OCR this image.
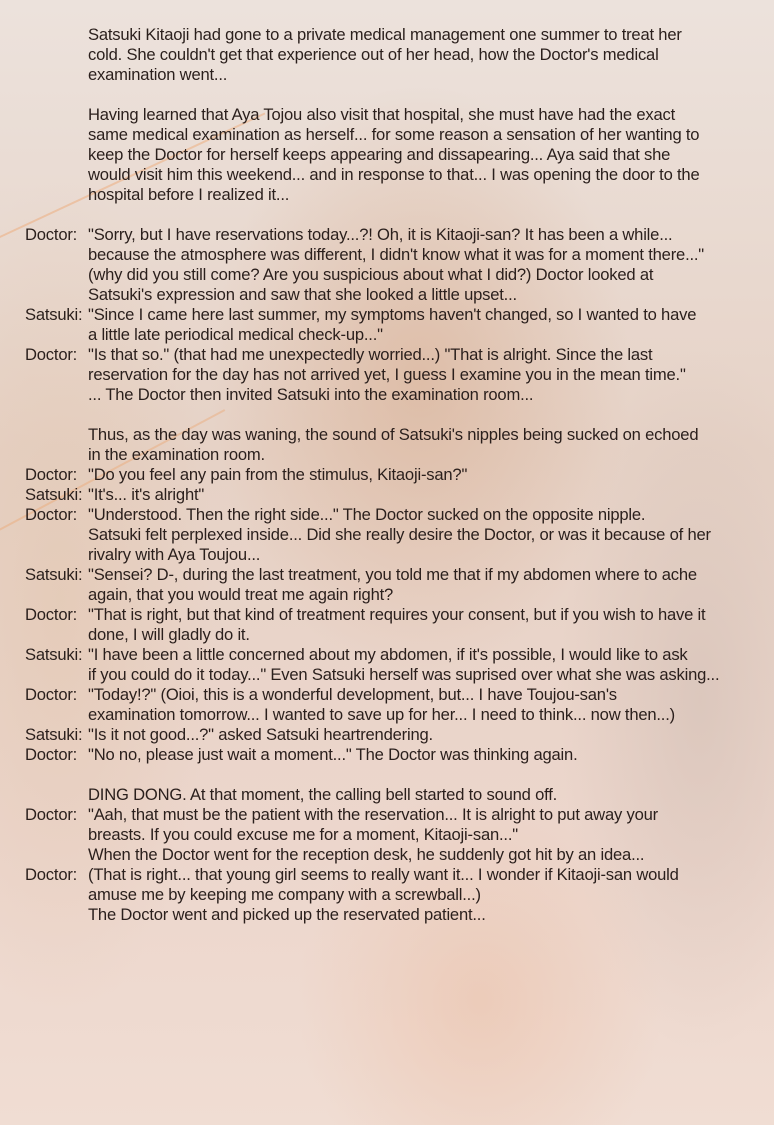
Satsuki Kitaoji had gone to a private medical management one summer to treat her
cold. She couldn't get that experience out of her head, how the Doctor's medical
examination went...
Having learned that Aya Tojou also visit that hospital, she must have had the exact
same medical examination as herself... for some reason a sensation of her wanting to
keep the Doctor for herself keeps appearing and dissapearing... Aya said that she
would visit him this weekend... and in response to that... I was opening the door to the
hospital before I realized it...
Doctor: "Sorry, but I have reservations today...?! Oh, it is Kitaoji-san? It has been a while...
because the atmosphere was different, I didn't know what it was for a moment there..."
(why did you still come? Are you suspicious about what I did?) Doctor looked at
Satsuki's expression and saw that she looked a little upset...
Satsuki: "Since I came here last summer, my symptoms haven't changed, so I wanted to have
a little late periodical medical check-up..."
Doctor: "Is that so." (that had me unexpectedly worried...) "That is alright. Since the last
reservation for the day has not arrived yet, I guess I examine you in the mean time."
... The Doctor then invited Satsuki into the examination room...
Thus, as the day was waning, the sound of Satsuki's nipples being sucked on echoed
in the examination room.
Doctor: "Do you feel any pain from the stimulus, Kitaoji-san?"
Satsuki: "It's... it's alright"
Doctor: "Understood. Then the right side..." The Doctor sucked on the opposite nipple.
Satsuki felt perplexed inside... Did she really desire the Doctor, or was it because of her
rivalry with Aya Toujou...
Satsuki: "Sensei? D-, during the last treatment, you told me that if my abdomen where to ache
again, that you would treat me again right?
Doctor: "That is right, but that kind of treatment requires your consent, but if you wish to have it
done, I will gladly do it.
Satsuki: "I have been a little concerned about my abdomen, if it's possible, I would like to ask
if you could do it today..." Even Satsuki herself was suprised over what she was asking...
Doctor: "Today!?" (Oioi, this is a wonderful development, but... I have Toujou-san's
examination tomorrow... I wanted to save up for her... I need to think... now then...)
Satsuki: "Is it not good...?" asked Satsuki heartrendering.
Doctor: "No no, please just wait a moment..." The Doctor was thinking again.
DING DONG. At that moment, the calling bell started to sound off.
Doctor: "Aah, that must be the patient with the reservation... It is alright to put away your
breasts. If you could excuse me for a moment, Kitaoji-san..."
When the Doctor went for the reception desk, he suddenly got hit by an idea...
Doctor: (That is right... that young girl seems to really want it... I wonder if Kitaoji-san would
amuse me by keeping me company with a screwball...)
The Doctor went and picked up the reservated patient...
